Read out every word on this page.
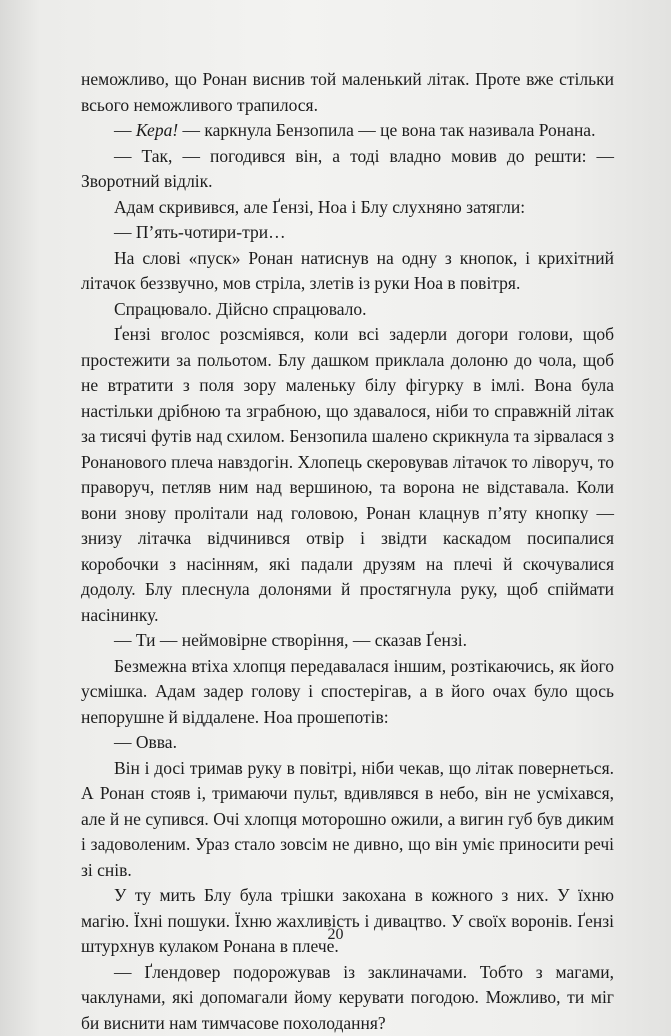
неможливо, що Ронан виснив той маленький літак. Проте вже стільки всього неможливого трапилося.

— Кера! — каркнула Бензопила — це вона так називала Ронана.

— Так, — погодився він, а тоді владно мовив до решти: — Зворотний відлік.

Адам скривився, але Ґензі, Ноа і Блу слухняно затягли:

— П’ять-чотири-три…

На слові «пуск» Ронан натиснув на одну з кнопок, і крихітний літачок беззвучно, мов стріла, злетів із руки Ноа в повітря.

Спрацювало. Дійсно спрацювало.

Ґензі вголос розсміявся, коли всі задерли догори голови, щоб простежити за польотом. Блу дашком приклала долоню до чола, щоб не втратити з поля зору маленьку білу фігурку в імлі. Вона була настільки дрібною та зграбною, що здавалося, ніби то справжній літак за тисячі футів над схилом. Бензопила шалено скрикнула та зірвалася з Ронанового плеча навздогін. Хлопець скеровував літачок то ліворуч, то праворуч, петляв ним над вершиною, та ворона не відставала. Коли вони знову пролітали над головою, Ронан клацнув п’яту кнопку — знизу літачка відчинився отвір і звідти каскадом посипалися коробочки з насінням, які падали друзям на плечі й скочувалися додолу. Блу плеснула долонями й простягнула руку, щоб спіймати насінинку.

— Ти — неймовірне створіння, — сказав Ґензі.

Безмежна втіха хлопця передавалася іншим, розтікаючись, як його усмішка. Адам задер голову і спостерігав, а в його очах було щось непорушне й віддалене. Ноа прошепотів:

— Овва.

Він і досі тримав руку в повітрі, ніби чекав, що літак повернеться. А Ронан стояв і, тримаючи пульт, вдивлявся в небо, він не усміхався, але й не супився. Очі хлопця моторошно ожили, а вигин губ був диким і задоволеним. Ураз стало зовсім не дивно, що він уміє приносити речі зі снів.

У ту мить Блу була трішки закохана в кожного з них. У їхню магію. Їхні пошуки. Їхню жахливість і дивацтво. У своїх воронів. Ґензі штурхнув кулаком Ронана в плече.

— Ґлендовер подорожував із заклиначами. Тобто з магами, чаклунами, які допомагали йому керувати погодою. Можливо, ти міг би виснити нам тимчасове похолодання?

20
